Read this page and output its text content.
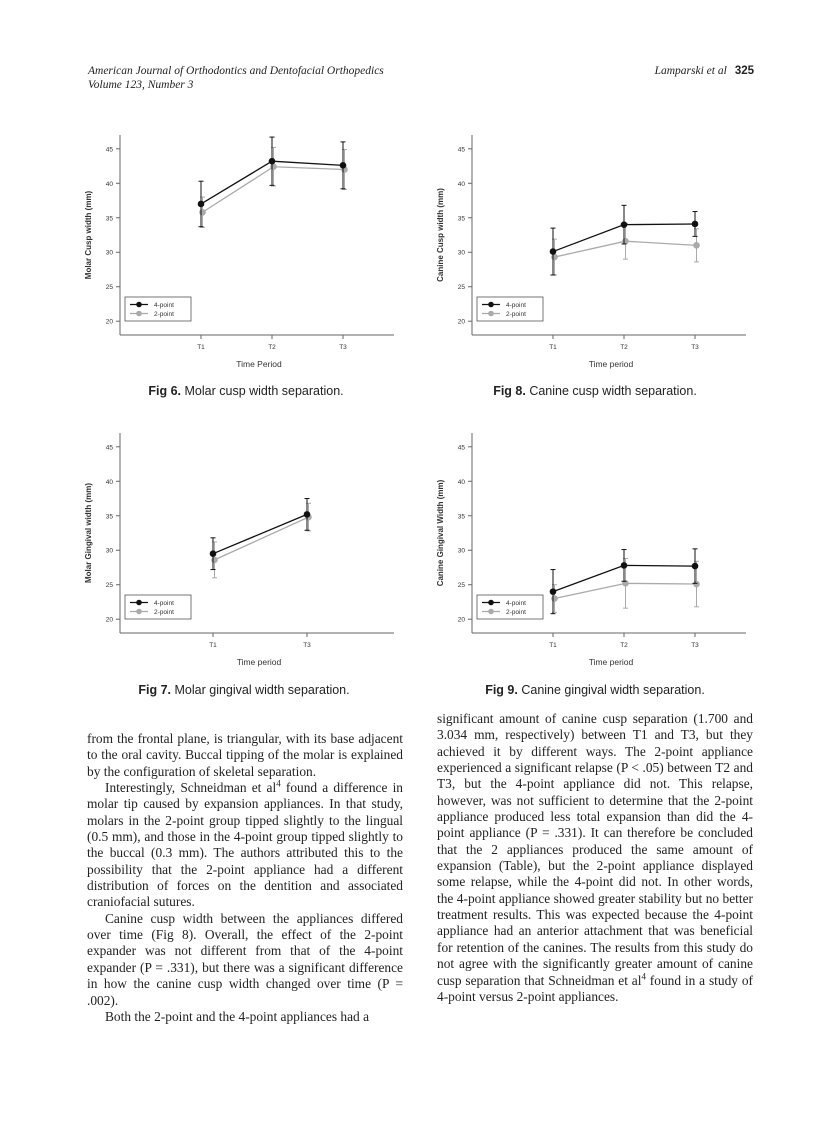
American Journal of Orthodontics and Dentofacial Orthopedics
Volume 123, Number 3
Lamparski et al 325
20
25
30
35
40
45
T1	T2	T3
Time Period
Molar Cusp width (mm)
4-point
2-point
Fig 6. Molar cusp width separation.
20
25
30
35
40
45
T1	T2	T3
Time period
Canine Cusp width (mm)
4-point
2-point
Fig 8. Canine cusp width separation.
20
25
30
35
40
45
T1	T3
Time period
Molar Gingival width (mm)
4-point
2-point
Fig 7. Molar gingival width separation.
20
25
30
35
40
45
T1	T2	T3
Time period
Canine Gingival Width (mm)
4-point
2-point
Fig 9. Canine gingival width separation.

from the frontal plane, is triangular, with its base adjacent to the oral cavity. Buccal tipping of the molar is explained by the configuration of skeletal separation.

Interestingly, Schneidman et $al^4$ found a difference in molar tip caused by expansion appliances. In that study, molars in the 2-point group tipped slightly to the lingual (0.5 mm), and those in the 4-point group tipped slightly to the buccal (0.3 mm). The authors attributed this to the possibility that the 2-point appliance had a different distribution of forces on the dentition and associated craniofacial sutures.

Canine cusp width between the appliances differed over time (Fig 8). Overall, the effect of the 2-point expander was not different from that of the 4-point expander (P = .331), but there was a significant difference in how the canine cusp width changed over time (P = .002).

Both the 2-point and the 4-point appliances had a

significant amount of canine cusp separation (1.700 and 3.034 mm, respectively) between T1 and T3, but they achieved it by different ways. The 2-point appliance experienced a significant relapse (P < .05) between T2 and T3, but the 4-point appliance did not. This relapse, however, was not sufficient to determine that the 2-point appliance produced less total expansion than did the 4-point appliance (P = .331). It can therefore be concluded that the 2 appliances produced the same amount of expansion (Table), but the 2-point appliance displayed some relapse, while the 4-point did not. In other words, the 4-point appliance showed greater stability but no better treatment results. This was expected because the 4-point appliance had an anterior attachment that was beneficial for retention of the canines. The results from this study do not agree with the significantly greater amount of canine cusp separation that Schneidman et $al^4$ found in a study of 4-point versus 2-point appliances.
